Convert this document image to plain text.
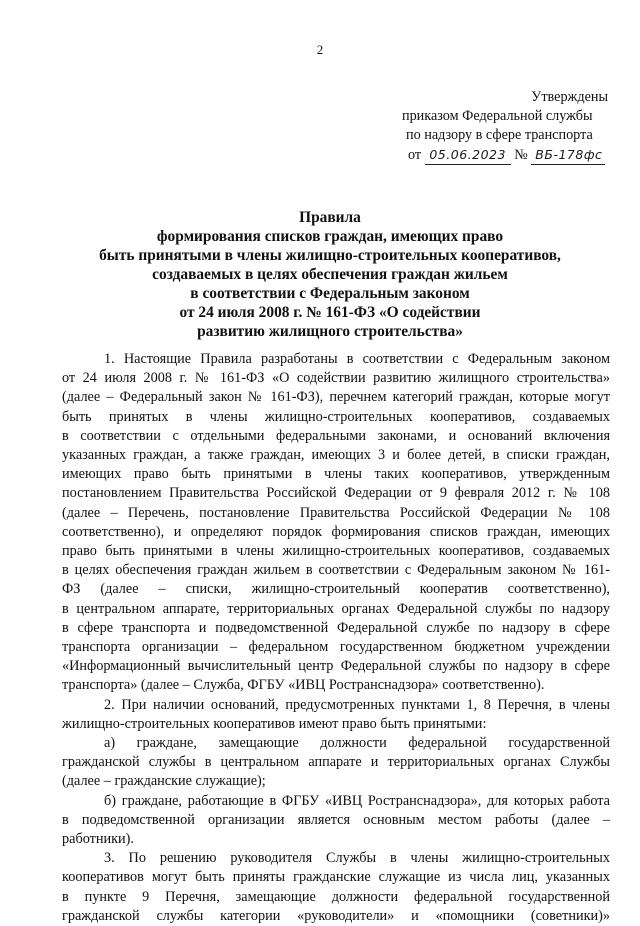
2
Утверждены
приказом Федеральной службы
по надзору в сфере транспорта
от 05.06.2023 № ВБ-178фс
Правила
формирования списков граждан, имеющих право
быть принятыми в члены жилищно-строительных кооперативов,
создаваемых в целях обеспечения граждан жильем
в соответствии с Федеральным законом
от 24 июля 2008 г. № 161-ФЗ «О содействии
развитию жилищного строительства»
1. Настоящие Правила разработаны в соответствии с Федеральным законом
от 24 июля 2008 г. № 161-ФЗ «О содействии развитию жилищного строительства»
(далее – Федеральный закон № 161-ФЗ), перечнем категорий граждан, которые могут
быть принятых в члены жилищно-строительных кооперативов, создаваемых
в соответствии с отдельными федеральными законами, и оснований включения
указанных граждан, а также граждан, имеющих 3 и более детей, в списки граждан,
имеющих право быть принятыми в члены таких кооперативов, утвержденным
постановлением Правительства Российской Федерации от 9 февраля 2012 г. № 108
(далее – Перечень, постановление Правительства Российской Федерации № 108
соответственно), и определяют порядок формирования списков граждан, имеющих
право быть принятыми в члены жилищно-строительных кооперативов, создаваемых
в целях обеспечения граждан жильем в соответствии с Федеральным законом № 161-
ФЗ (далее – списки, жилищно-строительный кооператив соответственно),
в центральном аппарате, территориальных органах Федеральной службы по надзору
в сфере транспорта и подведомственной Федеральной службе по надзору в сфере
транспорта организации – федеральном государственном бюджетном учреждении
«Информационный вычислительный центр Федеральной службы по надзору в сфере
транспорта» (далее – Служба, ФГБУ «ИВЦ Ространснадзора» соответственно).
2. При наличии оснований, предусмотренных пунктами 1, 8 Перечня, в члены
жилищно-строительных кооперативов имеют право быть принятыми:
а) граждане, замещающие должности федеральной государственной
гражданской службы в центральном аппарате и территориальных органах Службы
(далее – гражданские служащие);
б) граждане, работающие в ФГБУ «ИВЦ Ространснадзора», для которых работа
в подведомственной организации является основным местом работы (далее –
работники).
3. По решению руководителя Службы в члены жилищно-строительных
кооперативов могут быть приняты гражданские служащие из числа лиц, указанных
в пункте 9 Перечня, замещающие должности федеральной государственной
гражданской службы категории «руководители» и «помощники (советники)»
